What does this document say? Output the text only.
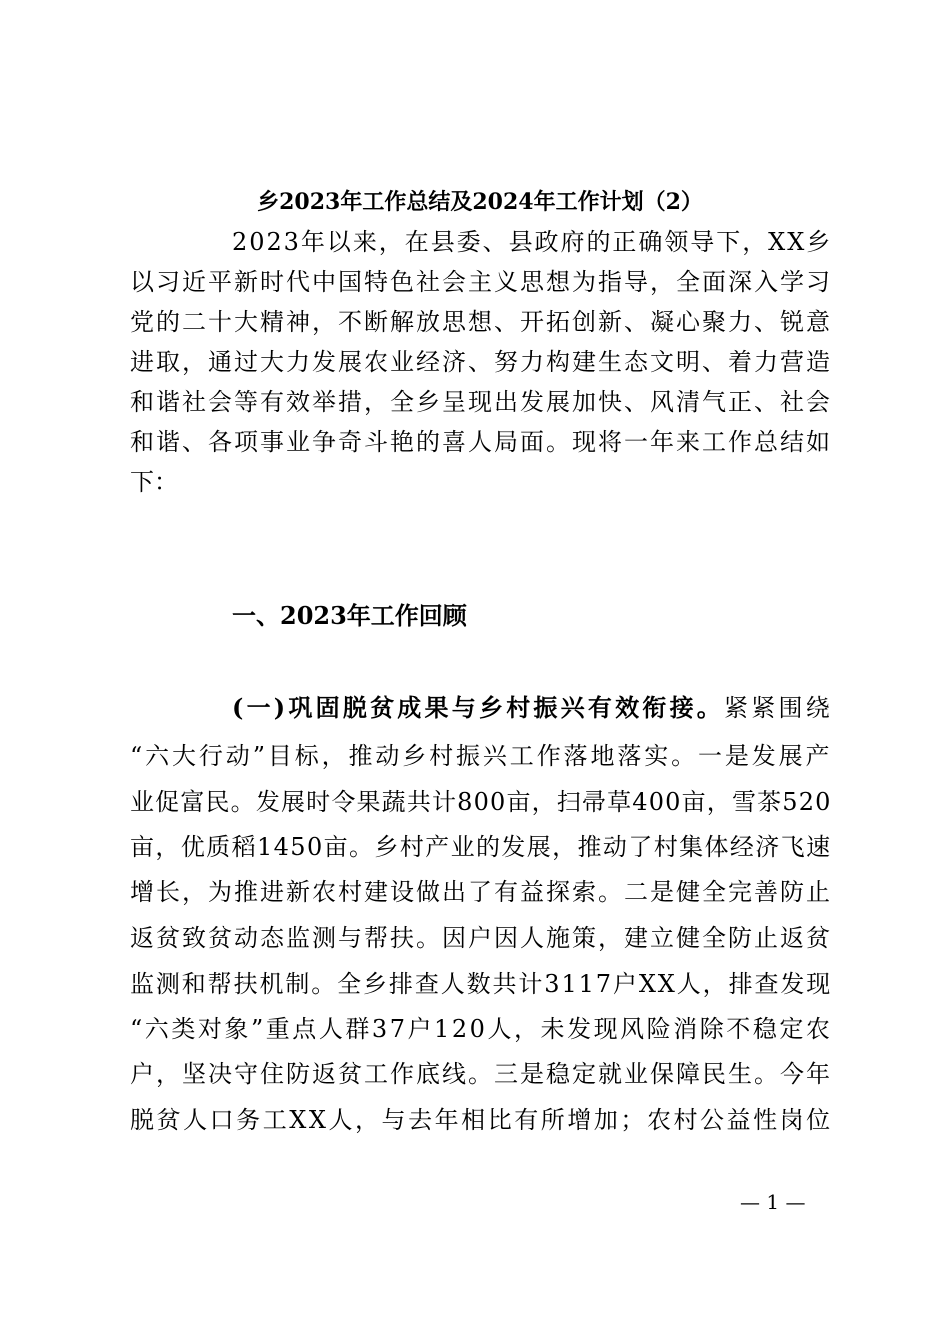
乡2023年工作总结及2024年工作计划（2）
2023年以来，在县委、县政府的正确领导下，XX乡
以习近平新时代中国特色社会主义思想为指导，全面深入学习
党的二十大精神，不断解放思想、开拓创新、凝心聚力、锐意
进取，通过大力发展农业经济、努力构建生态文明、着力营造
和谐社会等有效举措，全乡呈现出发展加快、风清气正、社会
和谐、各项事业争奇斗艳的喜人局面。现将一年来工作总结如
下：
一、2023年工作回顾
(一)巩固脱贫成果与乡村振兴有效衔接。紧紧围绕
“六大行动”目标，推动乡村振兴工作落地落实。一是发展产
业促富民。发展时令果蔬共计800亩，扫帚草400亩，雪茶520
亩，优质稻1450亩。乡村产业的发展，推动了村集体经济飞速
增长，为推进新农村建设做出了有益探索。二是健全完善防止
返贫致贫动态监测与帮扶。因户因人施策，建立健全防止返贫
监测和帮扶机制。全乡排查人数共计3117户XX人，排查发现
“六类对象”重点人群37户120人，未发现风险消除不稳定农
户，坚决守住防返贫工作底线。三是稳定就业保障民生。今年
脱贫人口务工XX人，与去年相比有所增加；农村公益性岗位
— 1 —
